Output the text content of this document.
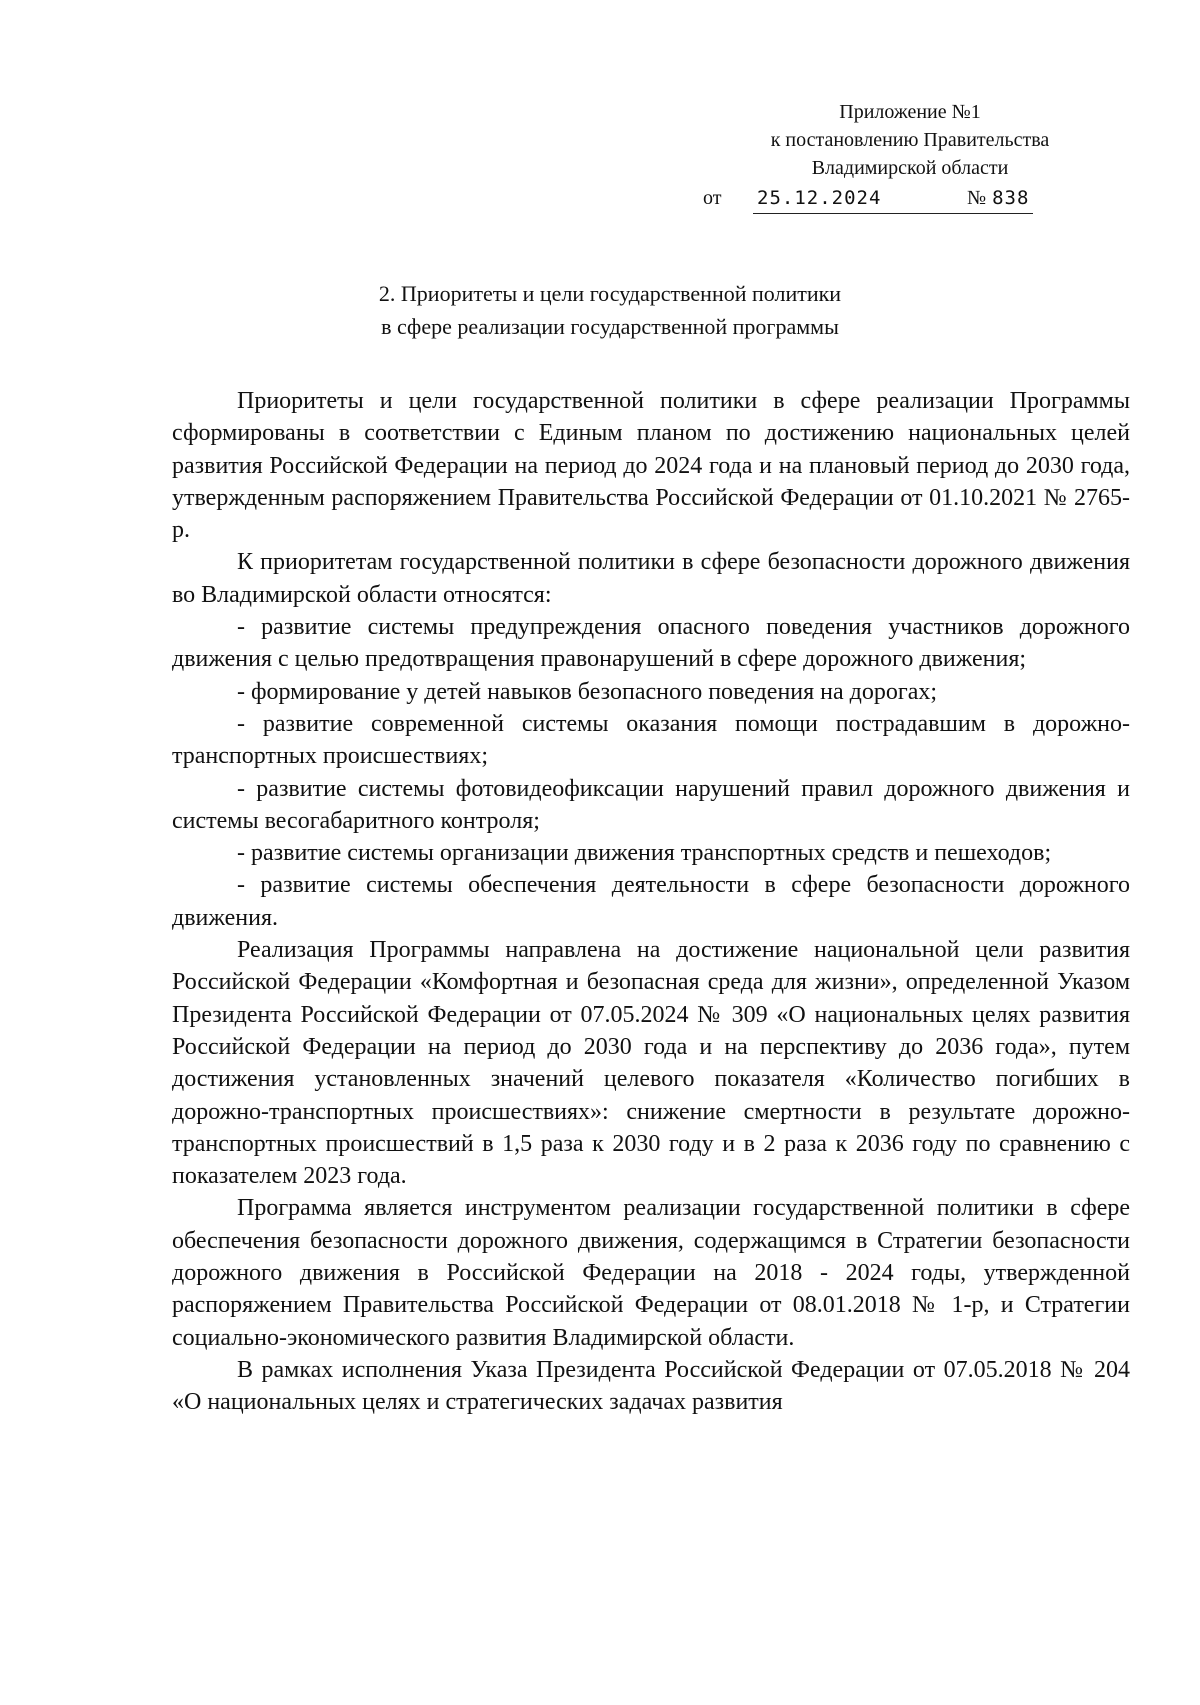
Приложение №1
к постановлению Правительства
Владимирской области
от 25.12.2024	№ 838
2. Приоритеты и цели государственной политики
в сфере реализации государственной программы

Приоритеты и цели государственной политики в сфере реализации Программы сформированы в соответствии с Единым планом по достижению национальных целей развития Российской Федерации на период до 2024 года и на плановый период до 2030 года, утвержденным распоряжением Правительства Российской Федерации от 01.10.2021 № 2765-р.

К приоритетам государственной политики в сфере безопасности дорожного движения во Владимирской области относятся:

- развитие системы предупреждения опасного поведения участников дорожного движения с целью предотвращения правонарушений в сфере дорожного движения;

- формирование у детей навыков безопасного поведения на дорогах;

- развитие современной системы оказания помощи пострадавшим в дорожно-транспортных происшествиях;

- развитие системы фотовидеофиксации нарушений правил дорожного движения и системы весогабаритного контроля;

- развитие системы организации движения транспортных средств и пешеходов;

- развитие системы обеспечения деятельности в сфере безопасности дорожного движения.

Реализация Программы направлена на достижение национальной цели развития Российской Федерации «Комфортная и безопасная среда для жизни», определенной Указом Президента Российской Федерации от 07.05.2024 № 309 «О национальных целях развития Российской Федерации на период до 2030 года и на перспективу до 2036 года», путем достижения установленных значений целевого показателя «Количество погибших в дорожно-транспортных происшествиях»: снижение смертности в результате дорожно-транспортных происшествий в 1,5 раза к 2030 году и в 2 раза к 2036 году по сравнению с показателем 2023 года.

Программа является инструментом реализации государственной политики в сфере обеспечения безопасности дорожного движения, содержащимся в Стратегии безопасности дорожного движения в Российской Федерации на 2018 - 2024 годы, утвержденной распоряжением Правительства Российской Федерации от 08.01.2018 № 1-р, и Стратегии социально-экономического развития Владимирской области.

В рамках исполнения Указа Президента Российской Федерации от 07.05.2018 № 204 «О национальных целях и стратегических задачах развития
